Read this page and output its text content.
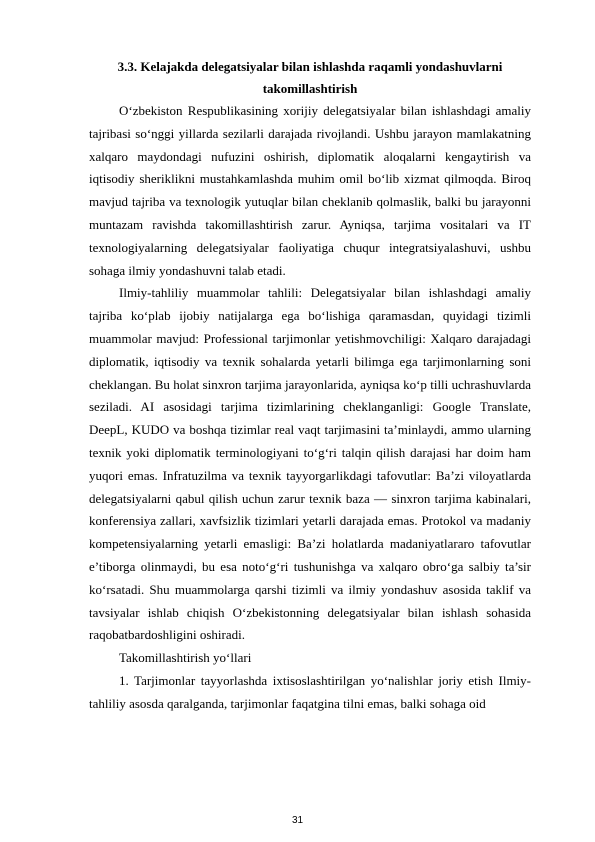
3.3. Kelajakda delegatsiyalar bilan ishlashda raqamli yondashuvlarni

takomillashtirish

O‘zbekiston Respublikasining xorijiy delegatsiyalar bilan ishlashdagi amaliy tajribasi so‘nggi yillarda sezilarli darajada rivojlandi. Ushbu jarayon mamlakatning xalqaro maydondagi nufuzini oshirish, diplomatik aloqalarni kengaytirish va iqtisodiy sheriklikni mustahkamlashda muhim omil bo‘lib xizmat qilmoqda. Biroq mavjud tajriba va texnologik yutuqlar bilan cheklanib qolmaslik, balki bu jarayonni muntazam ravishda takomillashtirish zarur. Ayniqsa, tarjima vositalari va IT texnologiyalarning delegatsiyalar faoliyatiga chuqur integratsiyalashuvi, ushbu sohaga ilmiy yondashuvni talab etadi.

Ilmiy-tahliliy muammolar tahlili: Delegatsiyalar bilan ishlashdagi amaliy tajriba ko‘plab ijobiy natijalarga ega bo‘lishiga qaramasdan, quyidagi tizimli muammolar mavjud: Professional tarjimonlar yetishmovchiligi: Xalqaro darajadagi diplomatik, iqtisodiy va texnik sohalarda yetarli bilimga ega tarjimonlarning soni cheklangan. Bu holat sinxron tarjima jarayonlarida, ayniqsa ko‘p tilli uchrashuvlarda seziladi. AI asosidagi tarjima tizimlarining cheklanganligi: Google Translate, DeepL, KUDO va boshqa tizimlar real vaqt tarjimasini ta’minlaydi, ammo ularning texnik yoki diplomatik terminologiyani to‘g‘ri talqin qilish darajasi har doim ham yuqori emas. Infratuzilma va texnik tayyorgarlikdagi tafovutlar: Ba’zi viloyatlarda delegatsiyalarni qabul qilish uchun zarur texnik baza — sinxron tarjima kabinalari, konferensiya zallari, xavfsizlik tizimlari yetarli darajada emas. Protokol va madaniy kompetensiyalarning yetarli emasligi: Ba’zi holatlarda madaniyatlararo tafovutlar e’tiborga olinmaydi, bu esa noto‘g‘ri tushunishga va xalqaro obro‘ga salbiy ta’sir ko‘rsatadi. Shu muammolarga qarshi tizimli va ilmiy yondashuv asosida taklif va tavsiyalar ishlab chiqish O‘zbekistonning delegatsiyalar bilan ishlash sohasida raqobatbardoshligini oshiradi.

Takomillashtirish yo‘llari

1. Tarjimonlar tayyorlashda ixtisoslashtirilgan yo‘nalishlar joriy etish Ilmiy-tahliliy asosda qaralganda, tarjimonlar faqatgina tilni emas, balki sohaga oid

31
